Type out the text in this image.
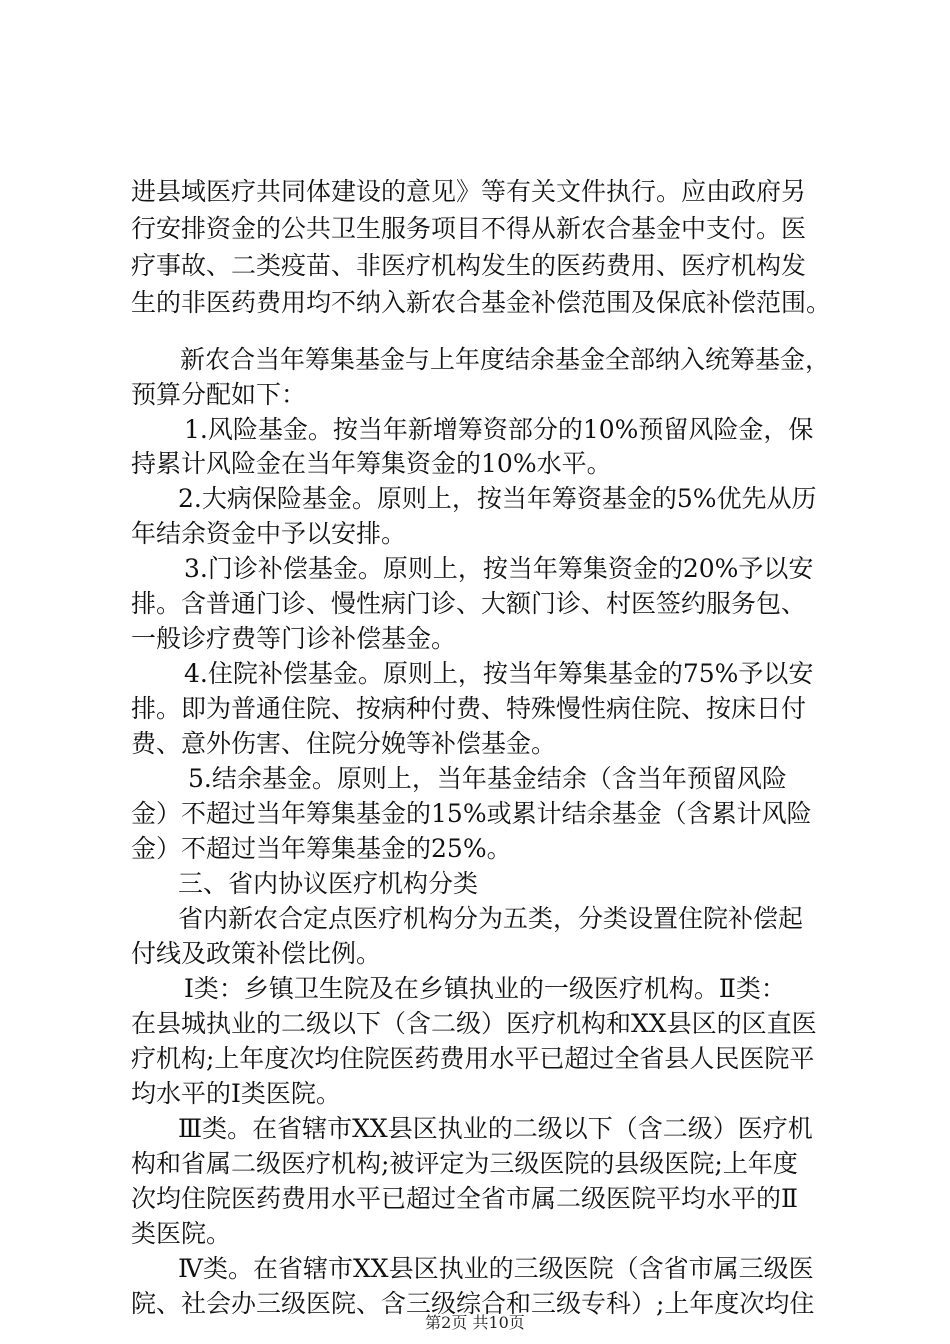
进县域医疗共同体建设的意见》等有关文件执行。应由政府另
行安排资金的公共卫生服务项目不得从新农合基金中支付。医
疗事故、二类疫苗、非医疗机构发生的医药费用、医疗机构发
生的非医药费用均不纳入新农合基金补偿范围及保底补偿范围。
新农合当年筹集基金与上年度结余基金全部纳入统筹基金，
预算分配如下：
1.风险基金。按当年新增筹资部分的10%预留风险金，保
持累计风险金在当年筹集资金的10%水平。
2.大病保险基金。原则上，按当年筹资基金的5%优先从历
年结余资金中予以安排。
3.门诊补偿基金。原则上，按当年筹集资金的20%予以安
排。含普通门诊、慢性病门诊、大额门诊、村医签约服务包、
一般诊疗费等门诊补偿基金。
4.住院补偿基金。原则上，按当年筹集基金的75%予以安
排。即为普通住院、按病种付费、特殊慢性病住院、按床日付
费、意外伤害、住院分娩等补偿基金。
5.结余基金。原则上，当年基金结余（含当年预留风险
金）不超过当年筹集基金的15%或累计结余基金（含累计风险
金）不超过当年筹集基金的25%。
三、省内协议医疗机构分类
省内新农合定点医疗机构分为五类，分类设置住院补偿起
付线及政策补偿比例。
Ⅰ类：乡镇卫生院及在乡镇执业的一级医疗机构。Ⅱ类：
在县城执业的二级以下（含二级）医疗机构和XX县区的区直医
疗机构;上年度次均住院医药费用水平已超过全省县人民医院平
均水平的Ⅰ类医院。
Ⅲ类。在省辖市XX县区执业的二级以下（含二级）医疗机
构和省属二级医疗机构;被评定为三级医院的县级医院;上年度
次均住院医药费用水平已超过全省市属二级医院平均水平的Ⅱ
类医院。
Ⅳ类。在省辖市XX县区执业的三级医院（含省市属三级医
院、社会办三级医院、含三级综合和三级专科）;上年度次均住
第2页 共10页
